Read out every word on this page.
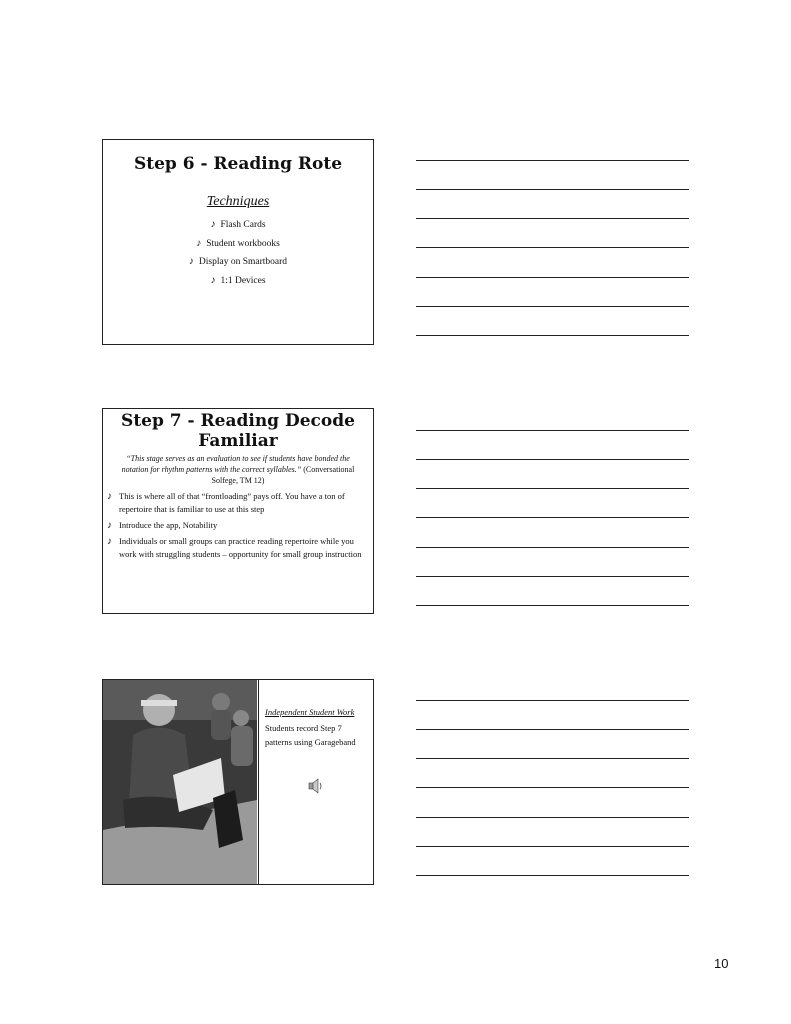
Step 6 - Reading Rote
Techniques
♪ Flash Cards
♪ Student workbooks
♪ Display on Smartboard
♪ 1:1 Devices
Step 7 - Reading Decode Familiar
“This stage serves as an evaluation to see if students have bonded the notation for rhythm patterns with the correct syllables.” (Conversational Solfege, TM 12)
♪ This is where all of that “frontloading” pays off. You have a ton of repertoire that is familiar to use at this step
♪ Introduce the app, Notability
♪ Individuals or small groups can practice reading repertoire while you work with struggling students – opportunity for small group instruction
Independent Student Work
Students record Step 7 patterns using Garageband
10
